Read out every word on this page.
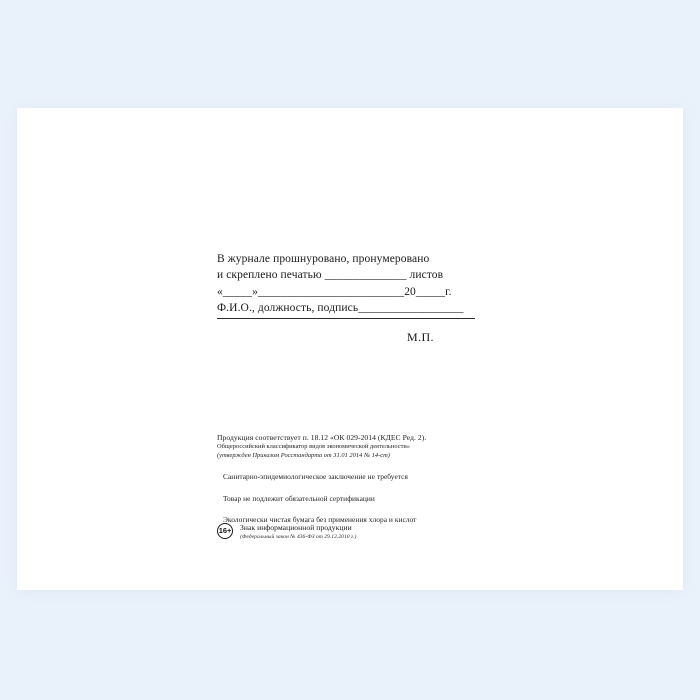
В журнале прошнуровано, пронумеровано
и скреплено печатью ______________ листов
«_____»_________________________20_____г.
Ф.И.О., должность, подпись__________________
М.П.
Продукция соответствует п. 18.12 «ОК 029-2014 (КДЕС Ред. 2).
Общероссийский классификатор видов экономической деятельности»
(утвержден Приказом Росстандарта от 31.01 2014 № 14-ст)
Санитарно-эпидемиологическое заключение не требуется
Товар не подлежит обязательной сертификации
Экологически чистая бумага без применения хлора и кислот
16+ Знак информационной продукции
(Федеральный закон № 436-ФЗ от 29.12.2010 г.)
